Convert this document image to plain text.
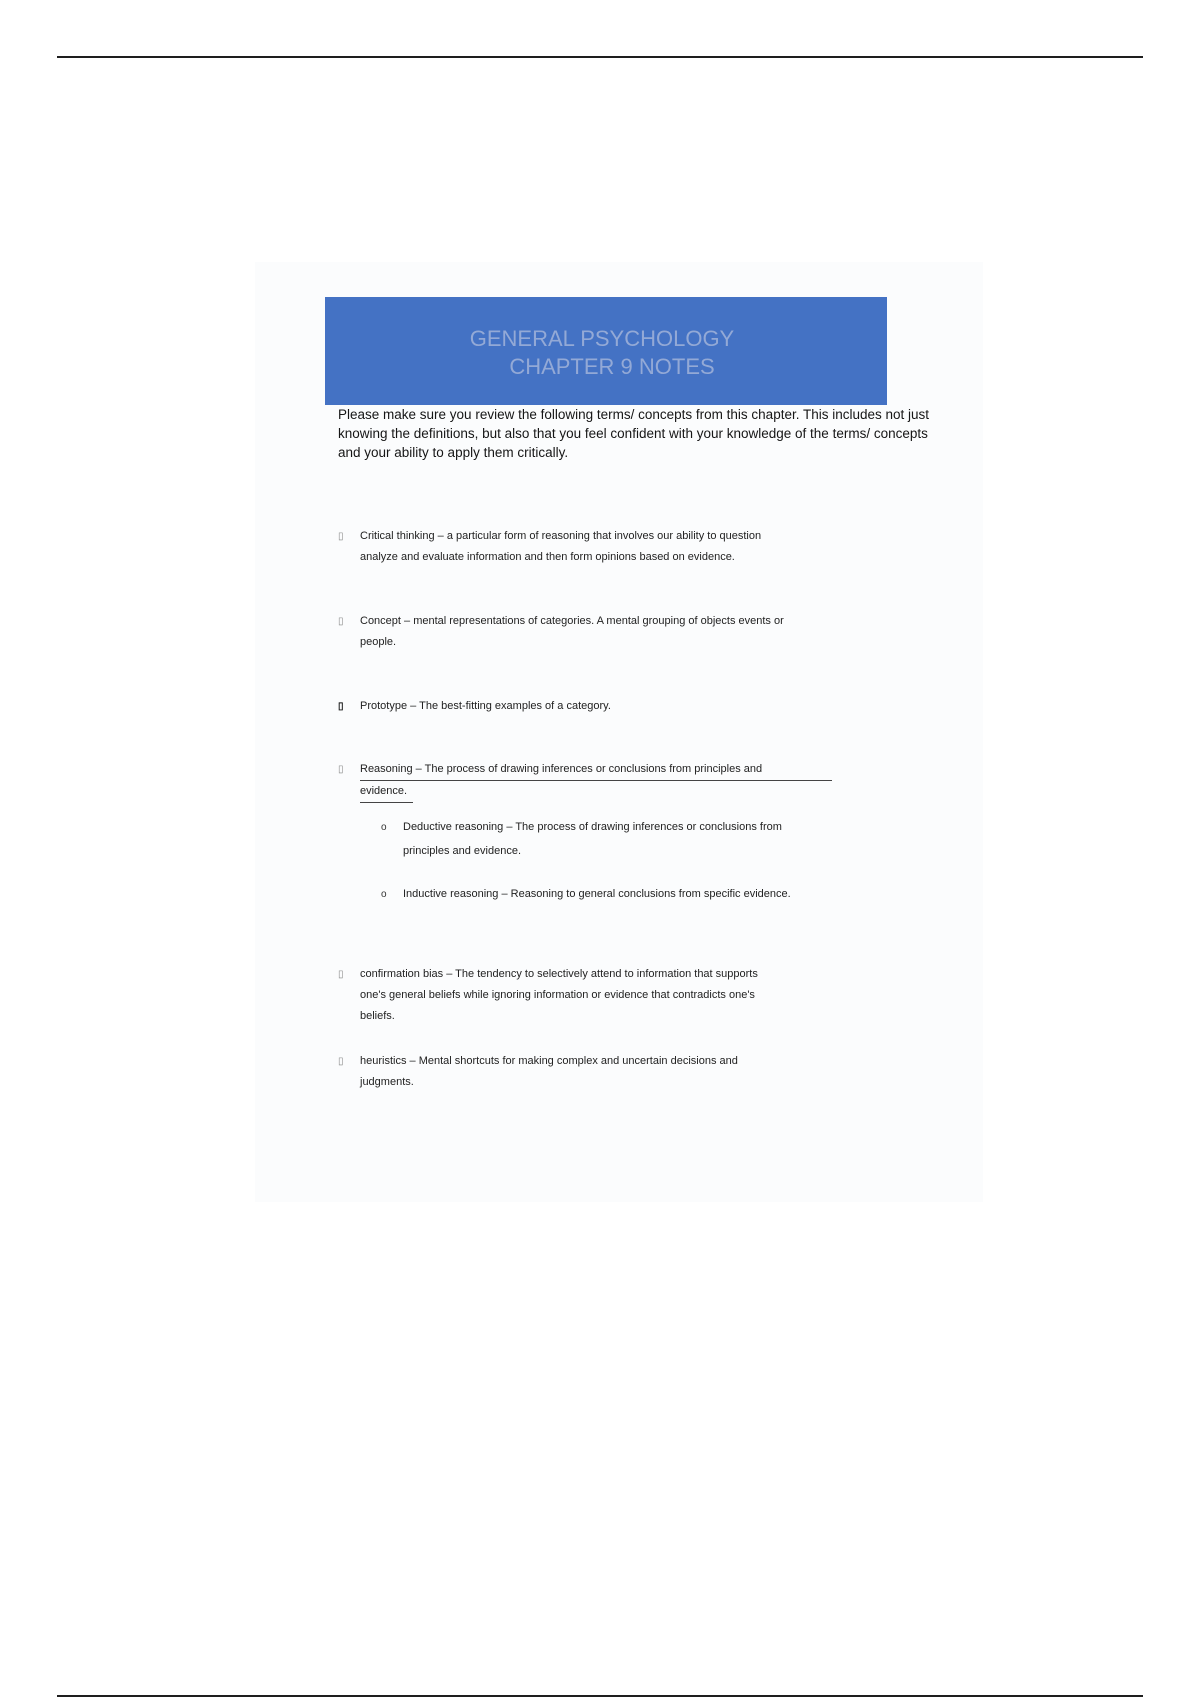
GENERAL PSYCHOLOGY
CHAPTER 9 NOTES
Please make sure you review the following terms/ concepts from this chapter. This includes not just knowing the definitions, but also that you feel confident with your knowledge of the terms/ concepts and your ability to apply them critically.
▯	Critical thinking – a particular form of reasoning that involves our ability to question
analyze and evaluate information and then form opinions based on evidence.
▯	Concept – mental representations of categories. A mental grouping of objects events or
people.
▯	Prototype – The best-fitting examples of a category.
▯	Reasoning – The process of drawing inferences or conclusions from principles and
evidence.
o	Deductive reasoning – The process of drawing inferences or conclusions from
principles and evidence.
o	Inductive reasoning – Reasoning to general conclusions from specific evidence.
▯	confirmation bias – The tendency to selectively attend to information that supports
one's general beliefs while ignoring information or evidence that contradicts one's
beliefs.
▯	heuristics – Mental shortcuts for making complex and uncertain decisions and
judgments.
